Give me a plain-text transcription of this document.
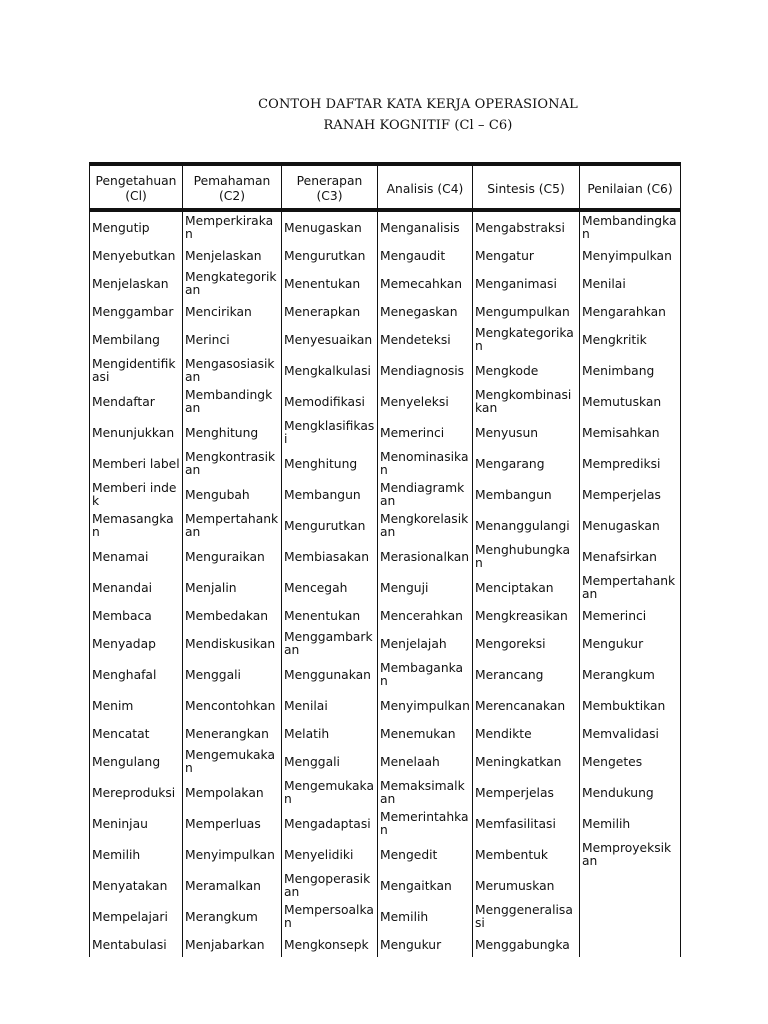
CONTOH DAFTAR KATA KERJA OPERASIONAL
RANAH KOGNITIF (Cl – C6)
Pengetahuan (Cl)	Pemahaman (C2)	Penerapan (C3)	Analisis (C4)	Sintesis (C5)	Penilaian (C6)
Mengutip	Memperkirakan	Menugaskan	Menganalisis	Mengabstraksi	Membandingkan
Menyebutkan	Menjelaskan	Mengurutkan	Mengaudit	Mengatur	Menyimpulkan
Menjelaskan	Mengkategorikan	Menentukan	Memecahkan	Menganimasi	Menilai
Menggambar	Mencirikan	Menerapkan	Menegaskan	Mengumpulkan	Mengarahkan
Membilang	Merinci	Menyesuaikan	Mendeteksi	Mengkategorikan	Mengkritik
Mengidentifikasi	Mengasosiasikan	Mengkalkulasi	Mendiagnosis	Mengkode	Menimbang
Mendaftar	Membandingkan	Memodifikasi	Menyeleksi	Mengkombinasikan	Memutuskan
Menunjukkan	Menghitung	Mengklasifikasi	Memerinci	Menyusun	Memisahkan
Memberi label	Mengkontrasikan	Menghitung	Menominasikan	Mengarang	Memprediksi
Memberi indek	Mengubah	Membangun	Mendiagramkan	Membangun	Memperjelas
Memasangkan	Mempertahankan	Mengurutkan	Mengkorelasikan	Menanggulangi	Menugaskan
Menamai	Menguraikan	Membiasakan	Merasionalkan	Menghubungkan	Menafsirkan
Menandai	Menjalin	Mencegah	Menguji	Menciptakan	Mempertahankan
Membaca	Membedakan	Menentukan	Mencerahkan	Mengkreasikan	Memerinci
Menyadap	Mendiskusikan	Menggambarkan	Menjelajah	Mengoreksi	Mengukur
Menghafal	Menggali	Menggunakan	Membagankan	Merancang	Merangkum
Menim	Mencontohkan	Menilai	Menyimpulkan	Merencanakan	Membuktikan
Mencatat	Menerangkan	Melatih	Menemukan	Mendikte	Memvalidasi
Mengulang	Mengemukakan	Menggali	Menelaah	Meningkatkan	Mengetes
Mereproduksi	Mempolakan	Mengemukakan	Memaksimalkan	Memperjelas	Mendukung
Meninjau	Memperluas	Mengadaptasi	Memerintahkan	Memfasilitasi	Memilih
Memilih	Menyimpulkan	Menyelidiki	Mengedit	Membentuk	Memproyeksikan
Menyatakan	Meramalkan	Mengoperasikan	Mengaitkan	Merumuskan	
Mempelajari	Merangkum	Mempersoalkan	Memilih	Menggeneralisasi	
Mentabulasi	Menjabarkan	Mengkonsepk	Mengukur	Menggabungka	
